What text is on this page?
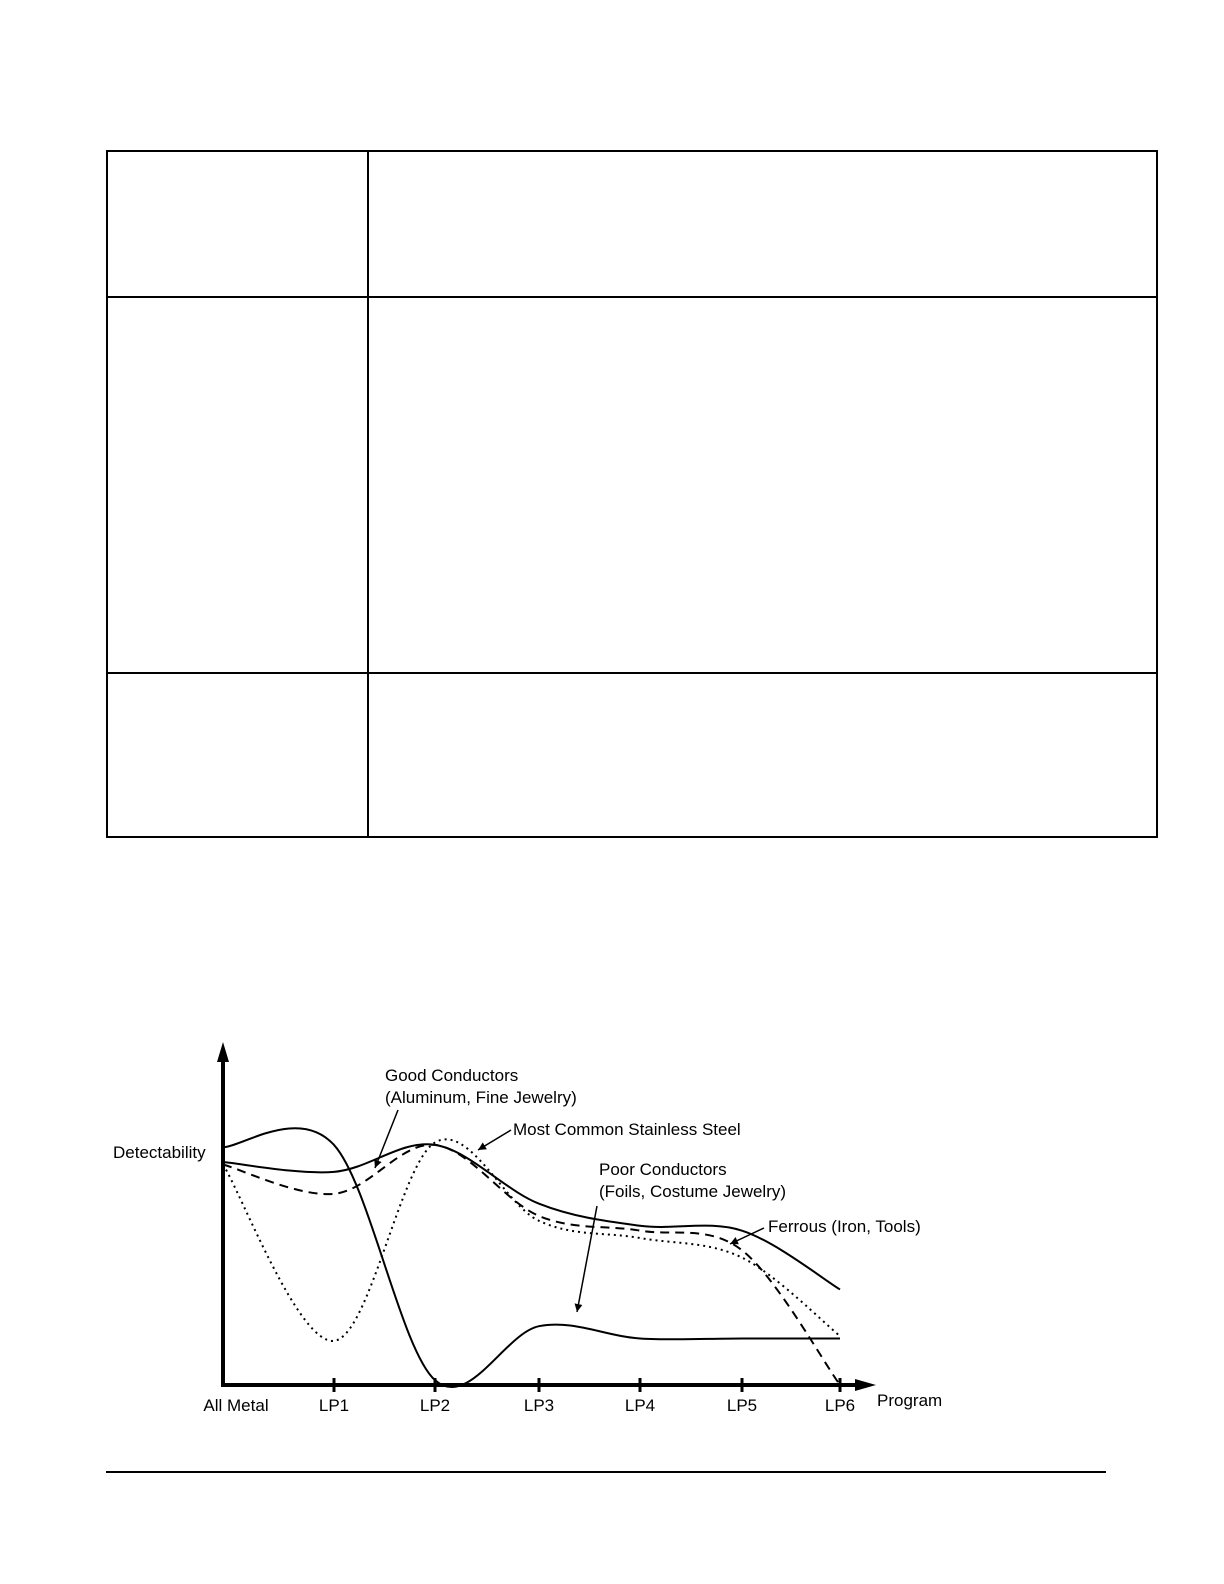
Detectability
Program
All Metal	LP1	LP2	LP3	LP4	LP5	LP6
Good Conductors
(Aluminum, Fine Jewelry)
Most Common Stainless Steel
Poor Conductors
(Foils, Costume Jewelry)
Ferrous (Iron, Tools)
